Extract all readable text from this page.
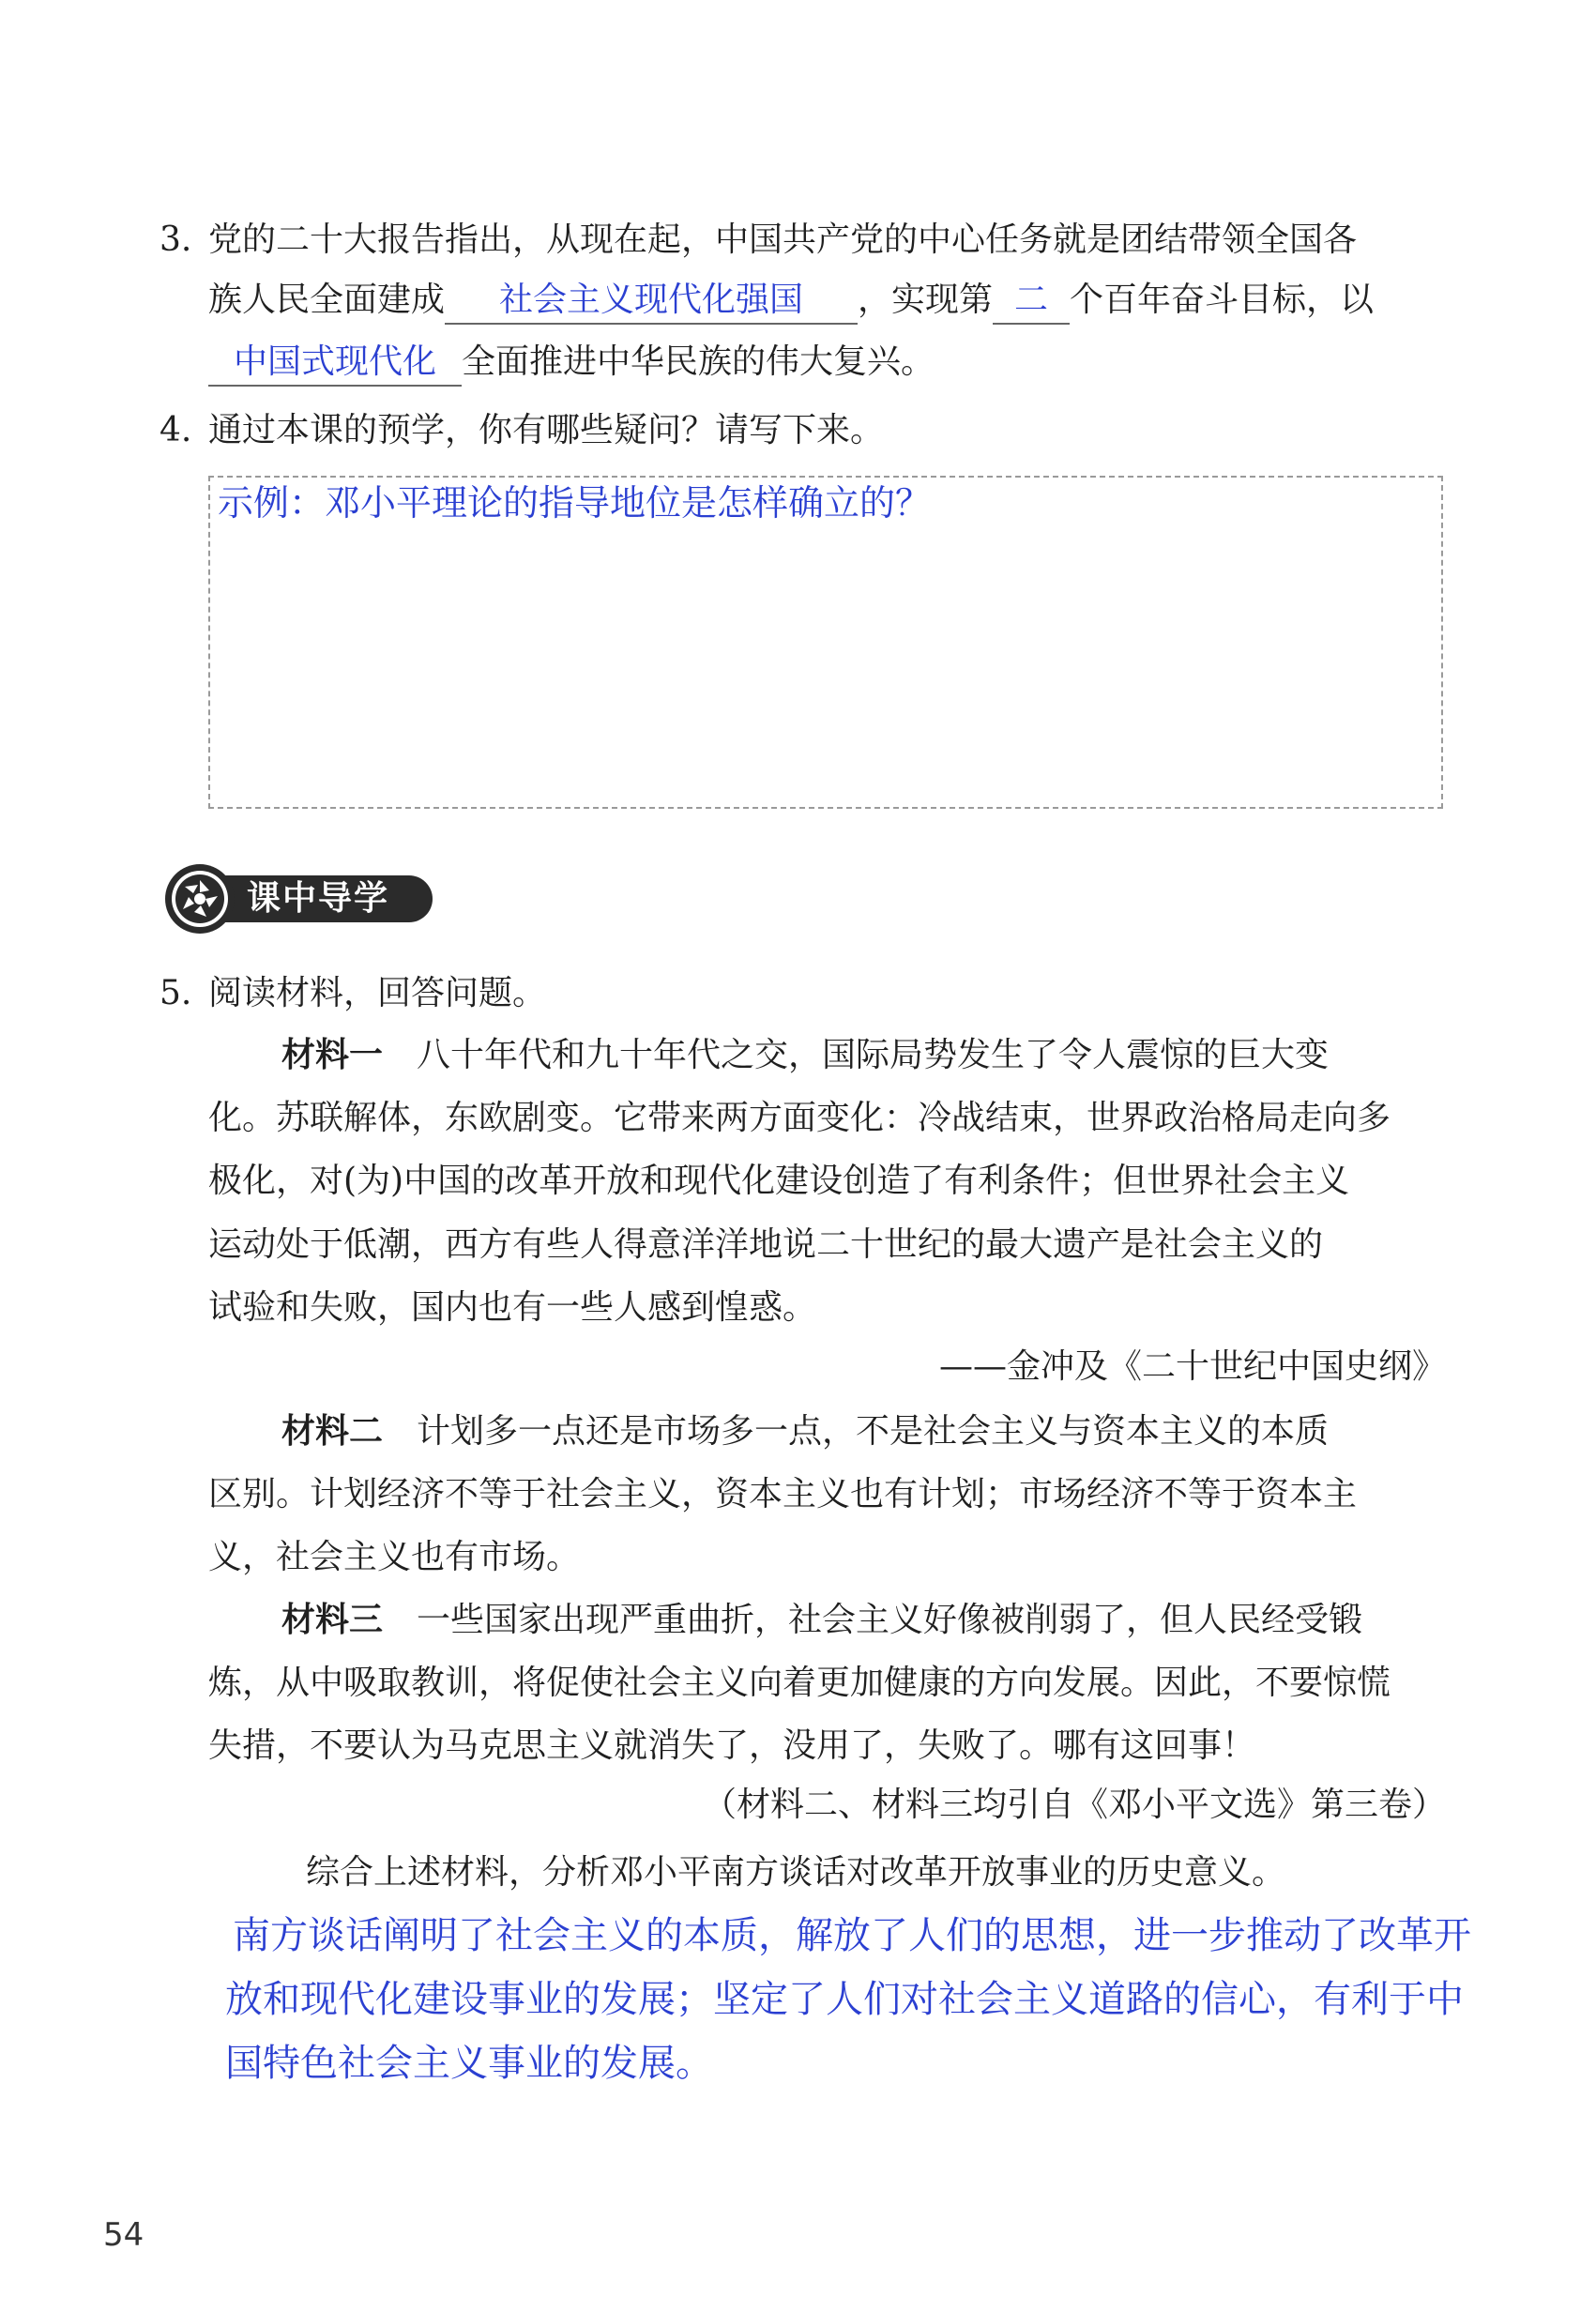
3. 党的二十大报告指出，从现在起，中国共产党的中心任务就是团结带领全国各
族人民全面建成 社会主义现代化强国 ，实现第 二 个百年奋斗目标，以
中国式现代化 全面推进中华民族的伟大复兴。
4. 通过本课的预学，你有哪些疑问？请写下来。
示例：邓小平理论的指导地位是怎样确立的？
课中导学
5. 阅读材料，回答问题。
材料一 八十年代和九十年代之交，国际局势发生了令人震惊的巨大变
化。苏联解体，东欧剧变。它带来两方面变化：冷战结束，世界政治格局走向多
极化，对(为)中国的改革开放和现代化建设创造了有利条件；但世界社会主义
运动处于低潮，西方有些人得意洋洋地说二十世纪的最大遗产是社会主义的
试验和失败，国内也有一些人感到惶惑。
——金冲及《二十世纪中国史纲》
材料二 计划多一点还是市场多一点，不是社会主义与资本主义的本质
区别。计划经济不等于社会主义，资本主义也有计划；市场经济不等于资本主
义，社会主义也有市场。
材料三 一些国家出现严重曲折，社会主义好像被削弱了，但人民经受锻
炼，从中吸取教训，将促使社会主义向着更加健康的方向发展。因此，不要惊慌
失措，不要认为马克思主义就消失了，没用了，失败了。哪有这回事！
（材料二、材料三均引自《邓小平文选》第三卷）
综合上述材料，分析邓小平南方谈话对改革开放事业的历史意义。
南方谈话阐明了社会主义的本质，解放了人们的思想，进一步推动了改革开
放和现代化建设事业的发展；坚定了人们对社会主义道路的信心，有利于中
国特色社会主义事业的发展。
54
